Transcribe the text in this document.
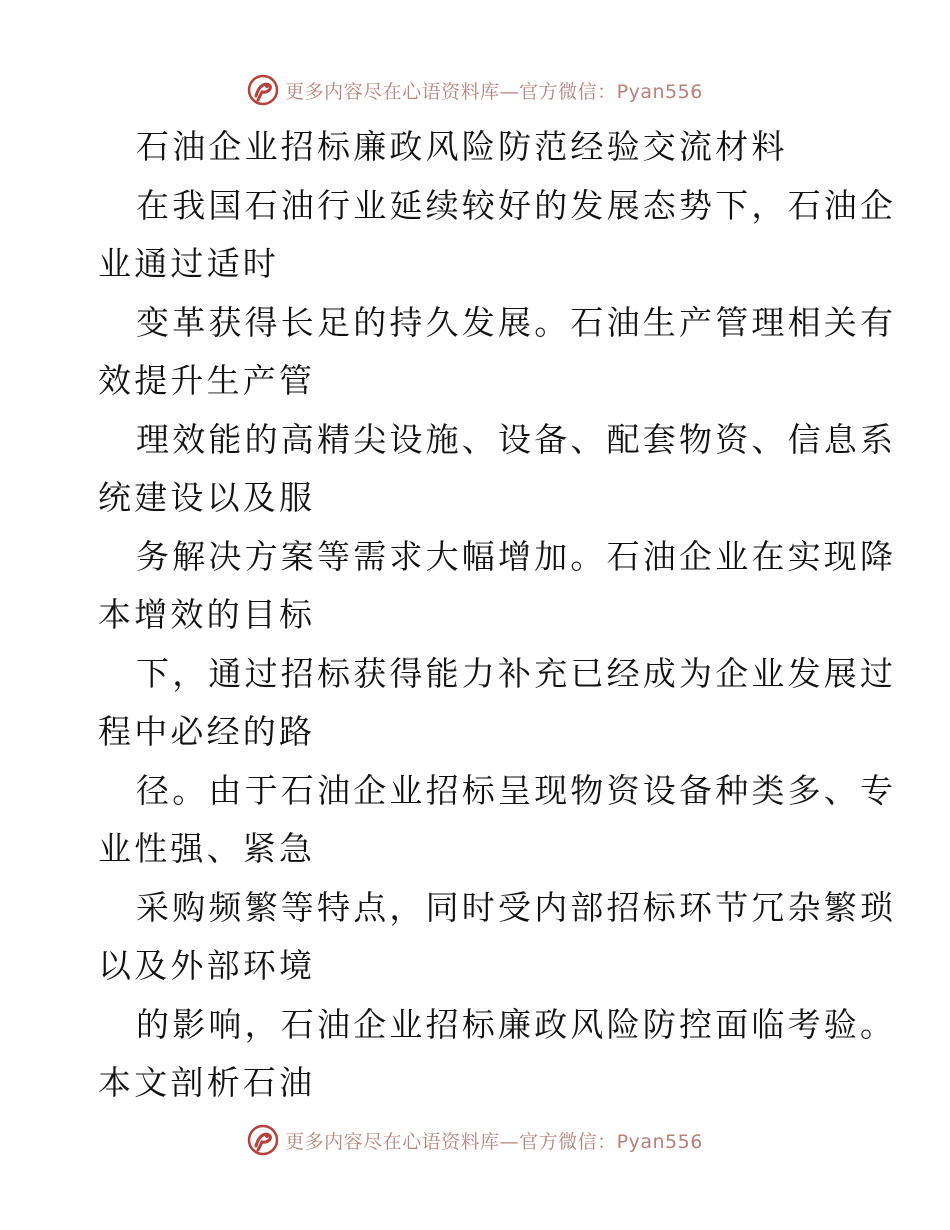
更多内容尽在心语资料库—官方微信：Pyan556
石油企业招标廉政风险防范经验交流材料
在我国石油行业延续较好的发展态势下，石油企
业通过适时
变革获得长足的持久发展。石油生产管理相关有
效提升生产管
理效能的高精尖设施、设备、配套物资、信息系
统建设以及服
务解决方案等需求大幅增加。石油企业在实现降
本增效的目标
下，通过招标获得能力补充已经成为企业发展过
程中必经的路
径。由于石油企业招标呈现物资设备种类多、专
业性强、紧急
采购频繁等特点，同时受内部招标环节冗杂繁琐
以及外部环境
的影响，石油企业招标廉政风险防控面临考验。
本文剖析石油
更多内容尽在心语资料库—官方微信：Pyan556
